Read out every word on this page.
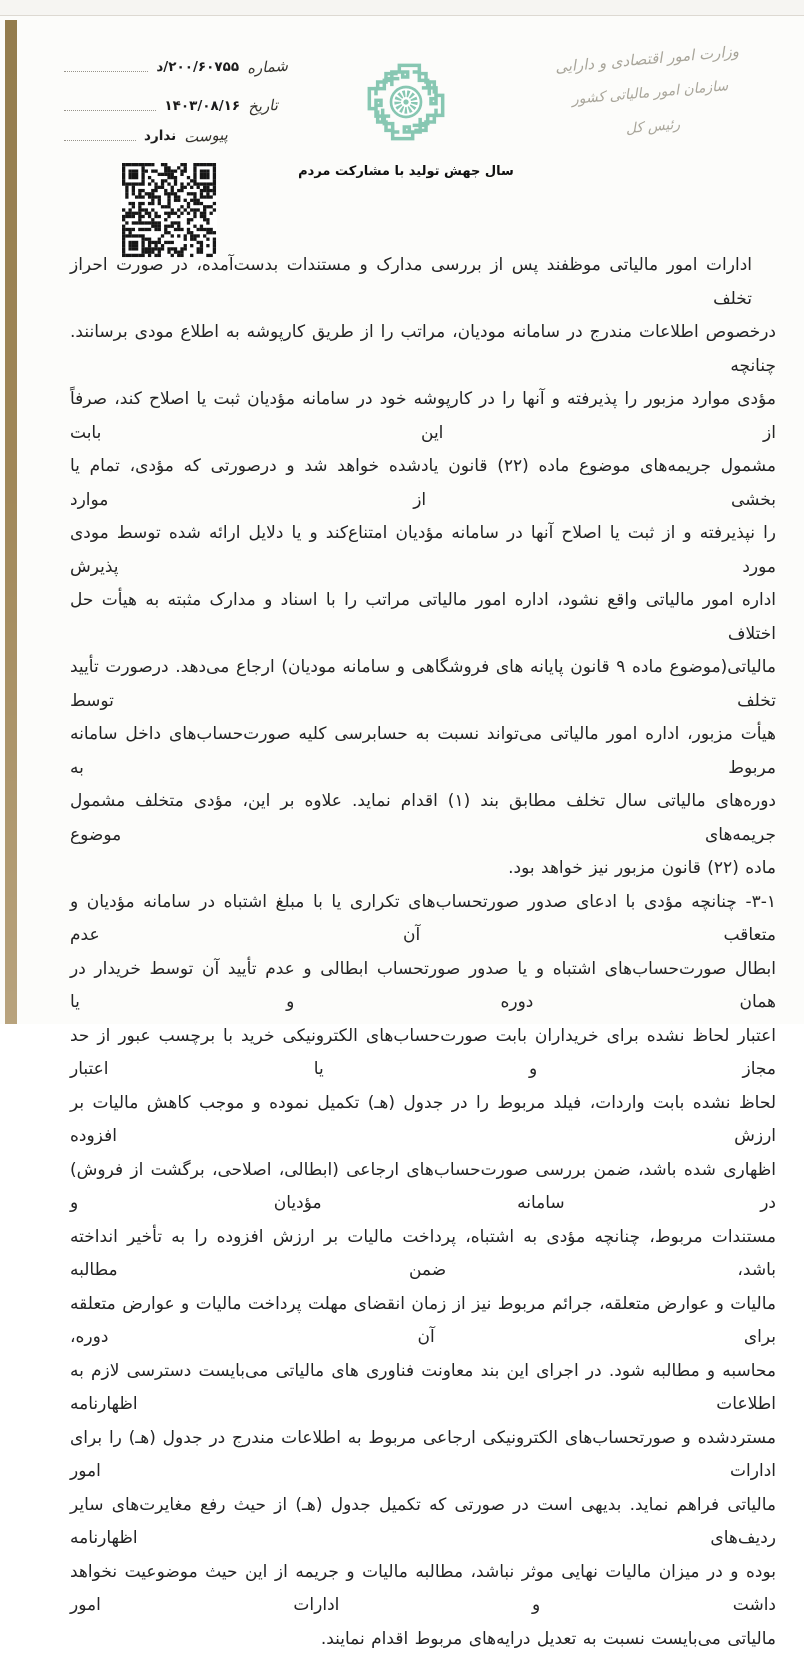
وزارت امور اقتصادی و دارایی
سازمان امور مالیاتی کشور
رئیس کل
سال جهش تولید با مشارکت مردم
شماره
۲۰۰/۶۰۷۵۵/د
تاریخ
۱۴۰۳/۰۸/۱۶
پیوست
ندارد
ادارات امور مالیاتی موظفند پس از بررسی مدارک و مستندات بدست‌آمده، در صورت احراز تخلف
درخصوص اطلاعات مندرج در سامانه مودیان، مراتب را از طریق کارپوشه به اطلاع مودی برسانند. چنانچه
مؤدی موارد مزبور را پذیرفته و آنها را در کارپوشه خود در سامانه مؤدیان ثبت یا اصلاح کند، صرفاً از این بابت
مشمول جریمه‌های موضوع ماده (۲۲) قانون یادشده خواهد شد و درصورتی که مؤدی، تمام یا بخشی از موارد
را نپذیرفته و از ثبت یا اصلاح آنها در سامانه مؤدیان امتناع‌کند و یا دلایل ارائه شده توسط مودی مورد پذیرش
اداره امور مالیاتی واقع نشود، اداره امور مالیاتی مراتب را با اسناد و مدارک مثبته به هیأت حل اختلاف
مالیاتی(موضوع ماده ۹ قانون پایانه های فروشگاهی و سامانه مودیان) ارجاع می‌دهد. درصورت تأیید تخلف توسط
هیأت مزبور، اداره امور مالیاتی می‌تواند نسبت به حسابرسی کلیه صورت‌حساب‌های داخل سامانه مربوط به
دوره‌های مالیاتی سال تخلف مطابق بند (۱) اقدام نماید. علاوه بر این، مؤدی متخلف مشمول جریمه‌های موضوع
ماده (۲۲) قانون مزبور نیز خواهد بود.
۳-۱- چنانچه مؤدی با ادعای صدور صورتحساب‌های تکراری یا با مبلغ اشتباه در سامانه مؤدیان و متعاقب آن عدم
ابطال صورت‌حساب‌های اشتباه و یا صدور صورتحساب ابطالی و عدم تأیید آن توسط خریدار در همان دوره و یا
اعتبار لحاظ نشده برای خریداران بابت صورت‌حساب‌های الکترونیکی خرید با برچسب عبور از حد مجاز و یا اعتبار
لحاظ نشده بابت واردات، فیلد مربوط را در جدول (هـ) تکمیل نموده و موجب کاهش مالیات بر ارزش افزوده
اظهاری شده باشد، ضمن بررسی صورت‌حساب‌های ارجاعی (ابطالی، اصلاحی، برگشت از فروش) در سامانه مؤدیان و
مستندات مربوط، چنانچه مؤدی به اشتباه، پرداخت مالیات بر ارزش افزوده را به تأخیر انداخته باشد، ضمن مطالبه
مالیات و عوارض متعلقه، جرائم مربوط نیز از زمان انقضای مهلت پرداخت مالیات و عوارض متعلقه برای آن دوره،
محاسبه و مطالبه شود. در اجرای این بند معاونت فناوری های مالیاتی می‌بایست دسترسی لازم به اطلاعات اظهارنامه
مستردشده و صورتحساب‌های الکترونیکی ارجاعی مربوط به اطلاعات مندرج در جدول (هـ) را برای ادارات امور
مالیاتی فراهم نماید. بدیهی است در صورتی که تکمیل جدول (هـ) از حیث رفع مغایرت‌های سایر ردیف‌های اظهارنامه
بوده و در میزان مالیات نهایی موثر نباشد، مطالبه مالیات و جریمه از این حیث موضوعیت نخواهد داشت و ادارات امور
مالیاتی می‌بایست نسبت به تعدیل درایه‌های مربوط اقدام نمایند.
